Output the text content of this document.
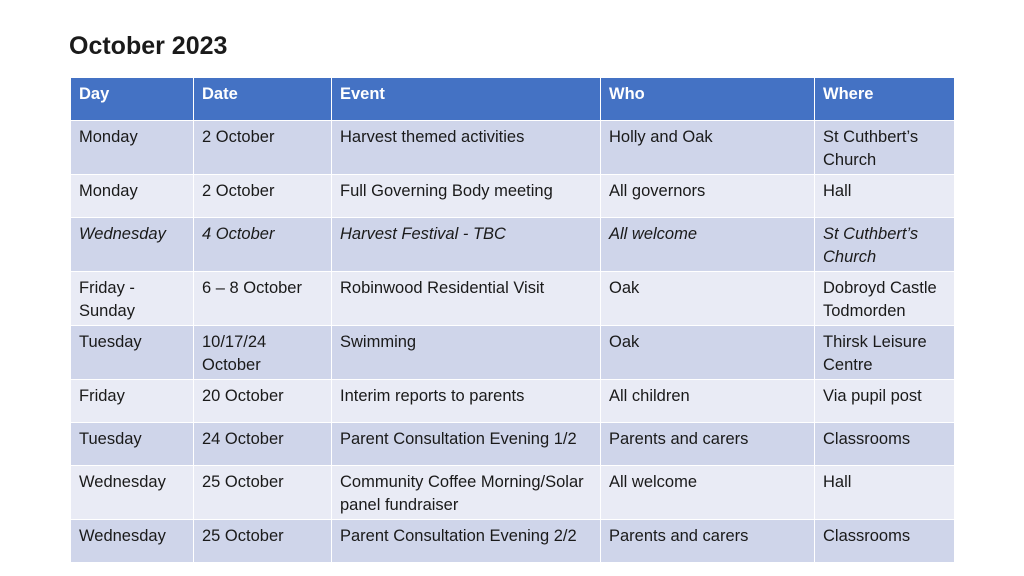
October 2023
Day	Date	Event	Who	Where
Monday	2 October	Harvest themed activities	Holly and Oak	St Cuthbert’s Church
Monday	2 October	Full Governing Body meeting	All governors	Hall
Wednesday	4 October	Harvest Festival - TBC	All welcome	St Cuthbert’s Church
Friday - Sunday	6 – 8 October	Robinwood Residential Visit	Oak	Dobroyd Castle Todmorden
Tuesday	10/17/24 October	Swimming	Oak	Thirsk Leisure Centre
Friday	20 October	Interim reports to parents	All children	Via pupil post
Tuesday	24 October	Parent Consultation Evening 1/2	Parents and carers	Classrooms
Wednesday	25 October	Community Coffee Morning/Solar panel fundraiser	All welcome	Hall
Wednesday	25 October	Parent Consultation Evening 2/2	Parents and carers	Classrooms
